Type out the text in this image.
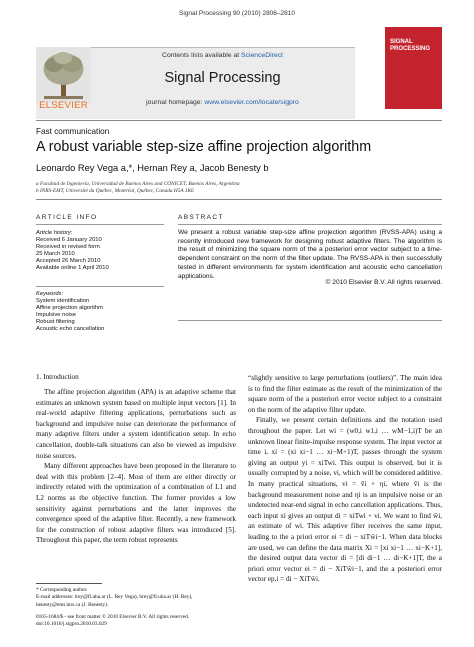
Signal Processing 90 (2010) 2806–2810
ELSEVIER
Contents lists available at ScienceDirect
Signal Processing
journal homepage: www.elsevier.com/locate/sigpro
SIGNAL PROCESSING
Fast communication
A robust variable step-size affine projection algorithm
Leonardo Rey Vega a,*, Hernan Rey a, Jacob Benesty b
a Facultad de Ingeniería, Universidad de Buenos Aires and CONICET, Buenos Aires, Argentina
b INRS-EMT, Université du Québec, Montréal, Québec, Canada H5A 1K6
ARTICLE INFO	ABSTRACT
Article history:
Received 6 January 2010
Received in revised form
25 March 2010
Accepted 26 March 2010
Available online 1 April 2010
Keywords:
System identification
Affine projection algorithm
Impulsive noise
Robust filtering
Acoustic echo cancellation
We present a robust variable step-size affine projection algorithm (RVSS-APA) using a recently introduced new framework for designing robust adaptive filters. The algorithm is the result of minimizing the square norm of the a posteriori error vector subject to a time-dependent constraint on the norm of the filter update. The RVSS-APA is then successfully tested in different environments for system identification and acoustic echo cancellation applications.
© 2010 Elsevier B.V. All rights reserved.
1. Introduction

The affine projection algorithm (APA) is an adaptive scheme that estimates an unknown system based on multiple input vectors [1]. In real-world adaptive filtering applications, perturbations such as background and impulsive noise can deteriorate the performance of many adaptive filters under a system identification setup. In echo cancellation, double-talk situations can also be viewed as impulsive noise sources.

Many different approaches have been proposed in the literature to deal with this problem [2–4]. Most of them are either directly or indirectly related with the optimization of a combination of L1 and L2 norms as the objective function. The former provides a low sensitivity against perturbations and the latter improves the convergence speed of the adaptive filter. Recently, a new framework for the construction of robust adaptive filters was introduced [5]. Throughout this paper, the term robust represents

“slightly sensitive to large perturbations (outliers)”. The main idea is to find the filter estimate as the result of the minimization of the square norm of the a posteriori error vector subject to a constraint on the norm of the adaptive filter update.

Finally, we present certain definitions and the notation used throughout the paper. Let wi = (w0,i w1,i … wM−1,i)T be an unknown linear finite-impulse response system. The input vector at time i, xi = (xi xi−1 … xi−M+1)T, passes through the system giving an output yi = xiTwi. This output is observed, but it is usually corrupted by a noise, vi, which will be considered additive. In many practical situations, vi = ṽi + ηi, where ṽi is the background measurement noise and ηi is an impulsive noise or an undetected near-end signal in echo cancellation applications. Thus, each input xi gives an output di = xiTwi + vi. We want to find ŵi, an estimate of wi. This adaptive filter receives the same input, leading to the a priori error ei = di − xiTŵi−1. When data blocks are used, we can define the data matrix Xi = [xi xi−1 … xi−K+1], the desired output data vector di = [di di−1 … di−K+1]T, the a priori error vector ei = di − XiTŵi−1, and the a posteriori error vector ep,i = di − XiTŵi.

* Corresponding author.

E-mail addresses: lrey@fi.uba.ar (L. Rey Vega), hrey@fi.uba.ar (H. Rey), benesty@emt.inrs.ca (J. Benesty).

0165-1684/$ - see front matter © 2010 Elsevier B.V. All rights reserved.

doi:10.1016/j.sigpro.2010.03.029
